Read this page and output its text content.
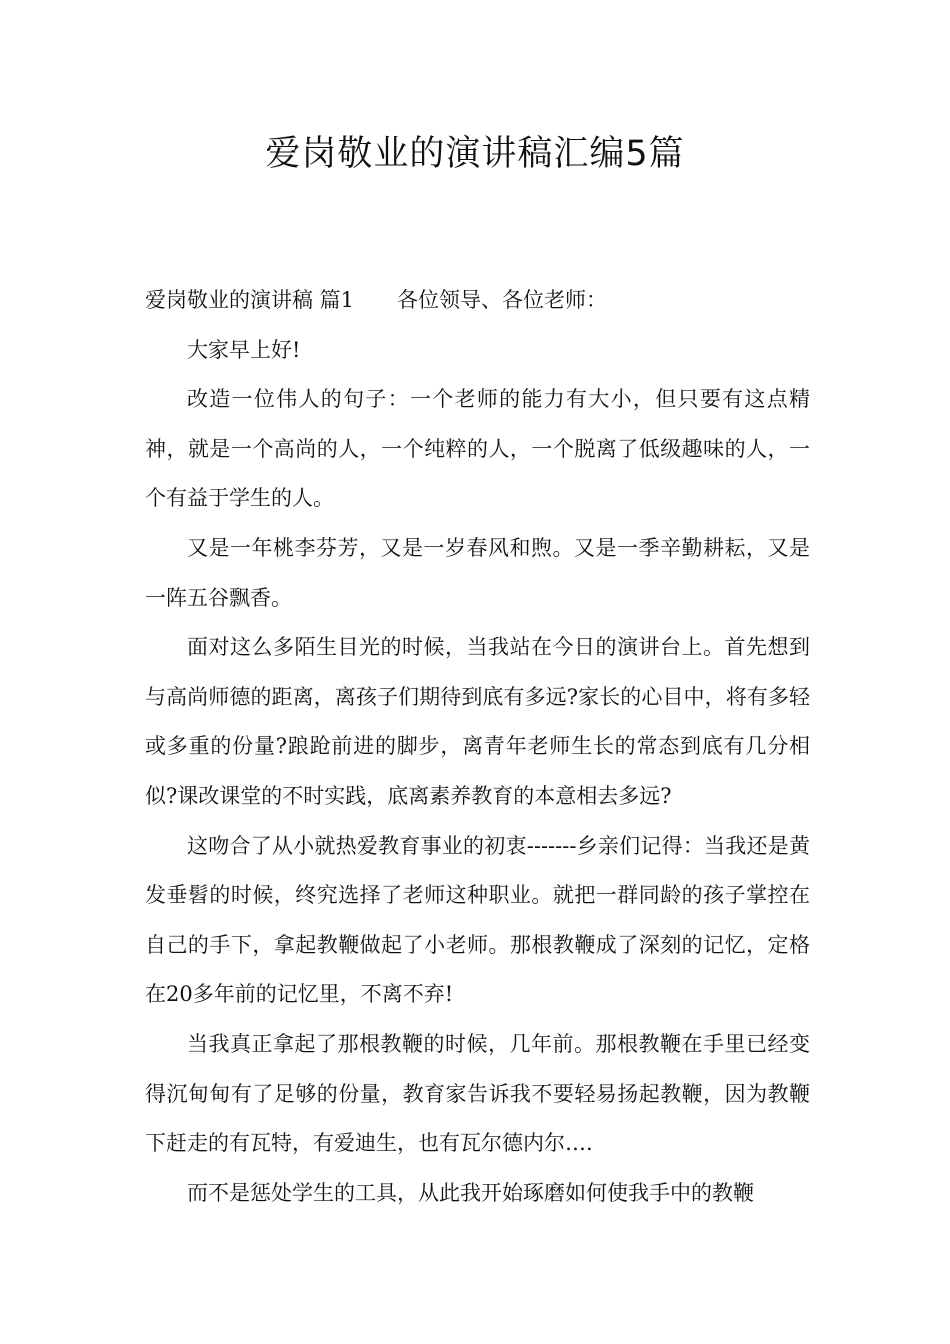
爱岗敬业的演讲稿汇编5篇

爱岗敬业的演讲稿 篇1 各位领导、各位老师：

大家早上好!

改造一位伟人的句子：一个老师的能力有大小，但只要有这点精神，就是一个高尚的人，一个纯粹的人，一个脱离了低级趣味的人，一个有益于学生的人。

又是一年桃李芬芳，又是一岁春风和煦。又是一季辛勤耕耘，又是一阵五谷飘香。

面对这么多陌生目光的时候，当我站在今日的演讲台上。首先想到与高尚师德的距离，离孩子们期待到底有多远?家长的心目中，将有多轻或多重的份量?踉跄前进的脚步，离青年老师生长的常态到底有几分相似?课改课堂的不时实践，底离素养教育的本意相去多远?

这吻合了从小就热爱教育事业的初衷-------乡亲们记得：当我还是黄发垂髫的时候，终究选择了老师这种职业。就把一群同龄的孩子掌控在自己的手下，拿起教鞭做起了小老师。那根教鞭成了深刻的记忆，定格在20多年前的记忆里，不离不弃!

当我真正拿起了那根教鞭的时候，几年前。那根教鞭在手里已经变得沉甸甸有了足够的份量，教育家告诉我不要轻易扬起教鞭，因为教鞭下赶走的有瓦特，有爱迪生，也有瓦尔德内尔….

而不是惩处学生的工具，从此我开始琢磨如何使我手中的教鞭
